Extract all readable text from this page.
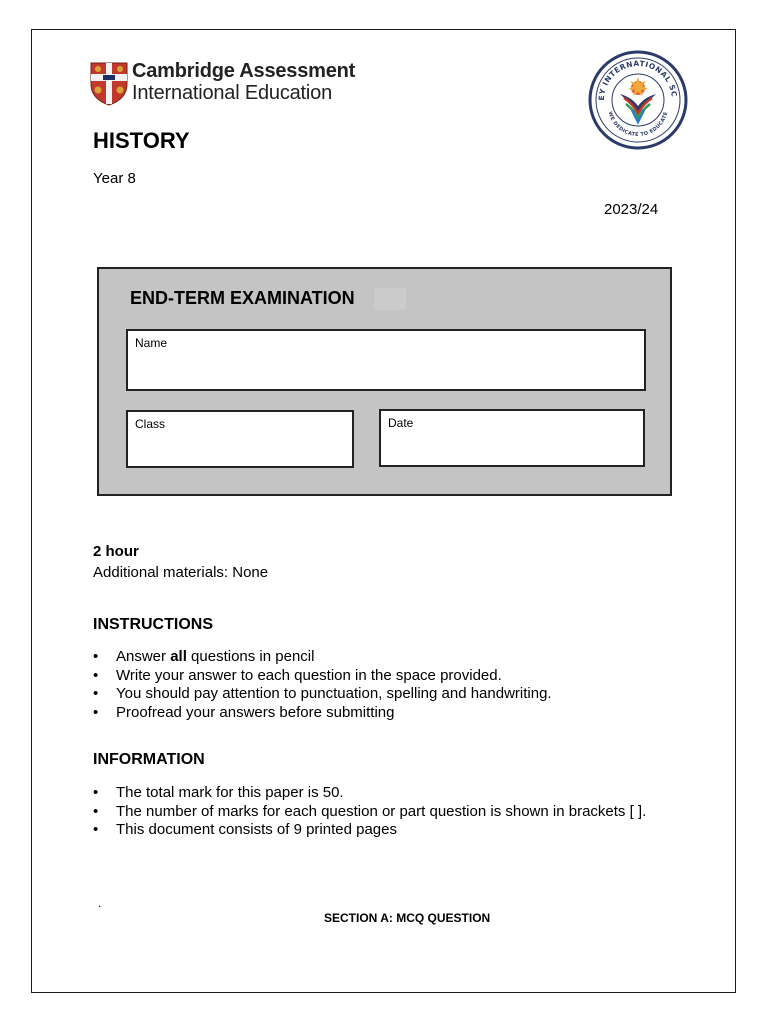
Cambridge Assessment
International Education	EY INTERNATIONAL SC
WE DEDICATE TO EDUCATE
HISTORY
Year 8
2023/24
END-TERM EXAMINATION
Name
Class	Date
2 hour
Additional materials: None
INSTRUCTIONS
• Answer all questions in pencil
• Write your answer to each question in the space provided.
• You should pay attention to punctuation, spelling and handwriting.
• Proofread your answers before submitting
INFORMATION
• The total mark for this paper is 50.
• The number of marks for each question or part question is shown in brackets [ ].
• This document consists of 9 printed pages
.
SECTION A: MCQ QUESTION
